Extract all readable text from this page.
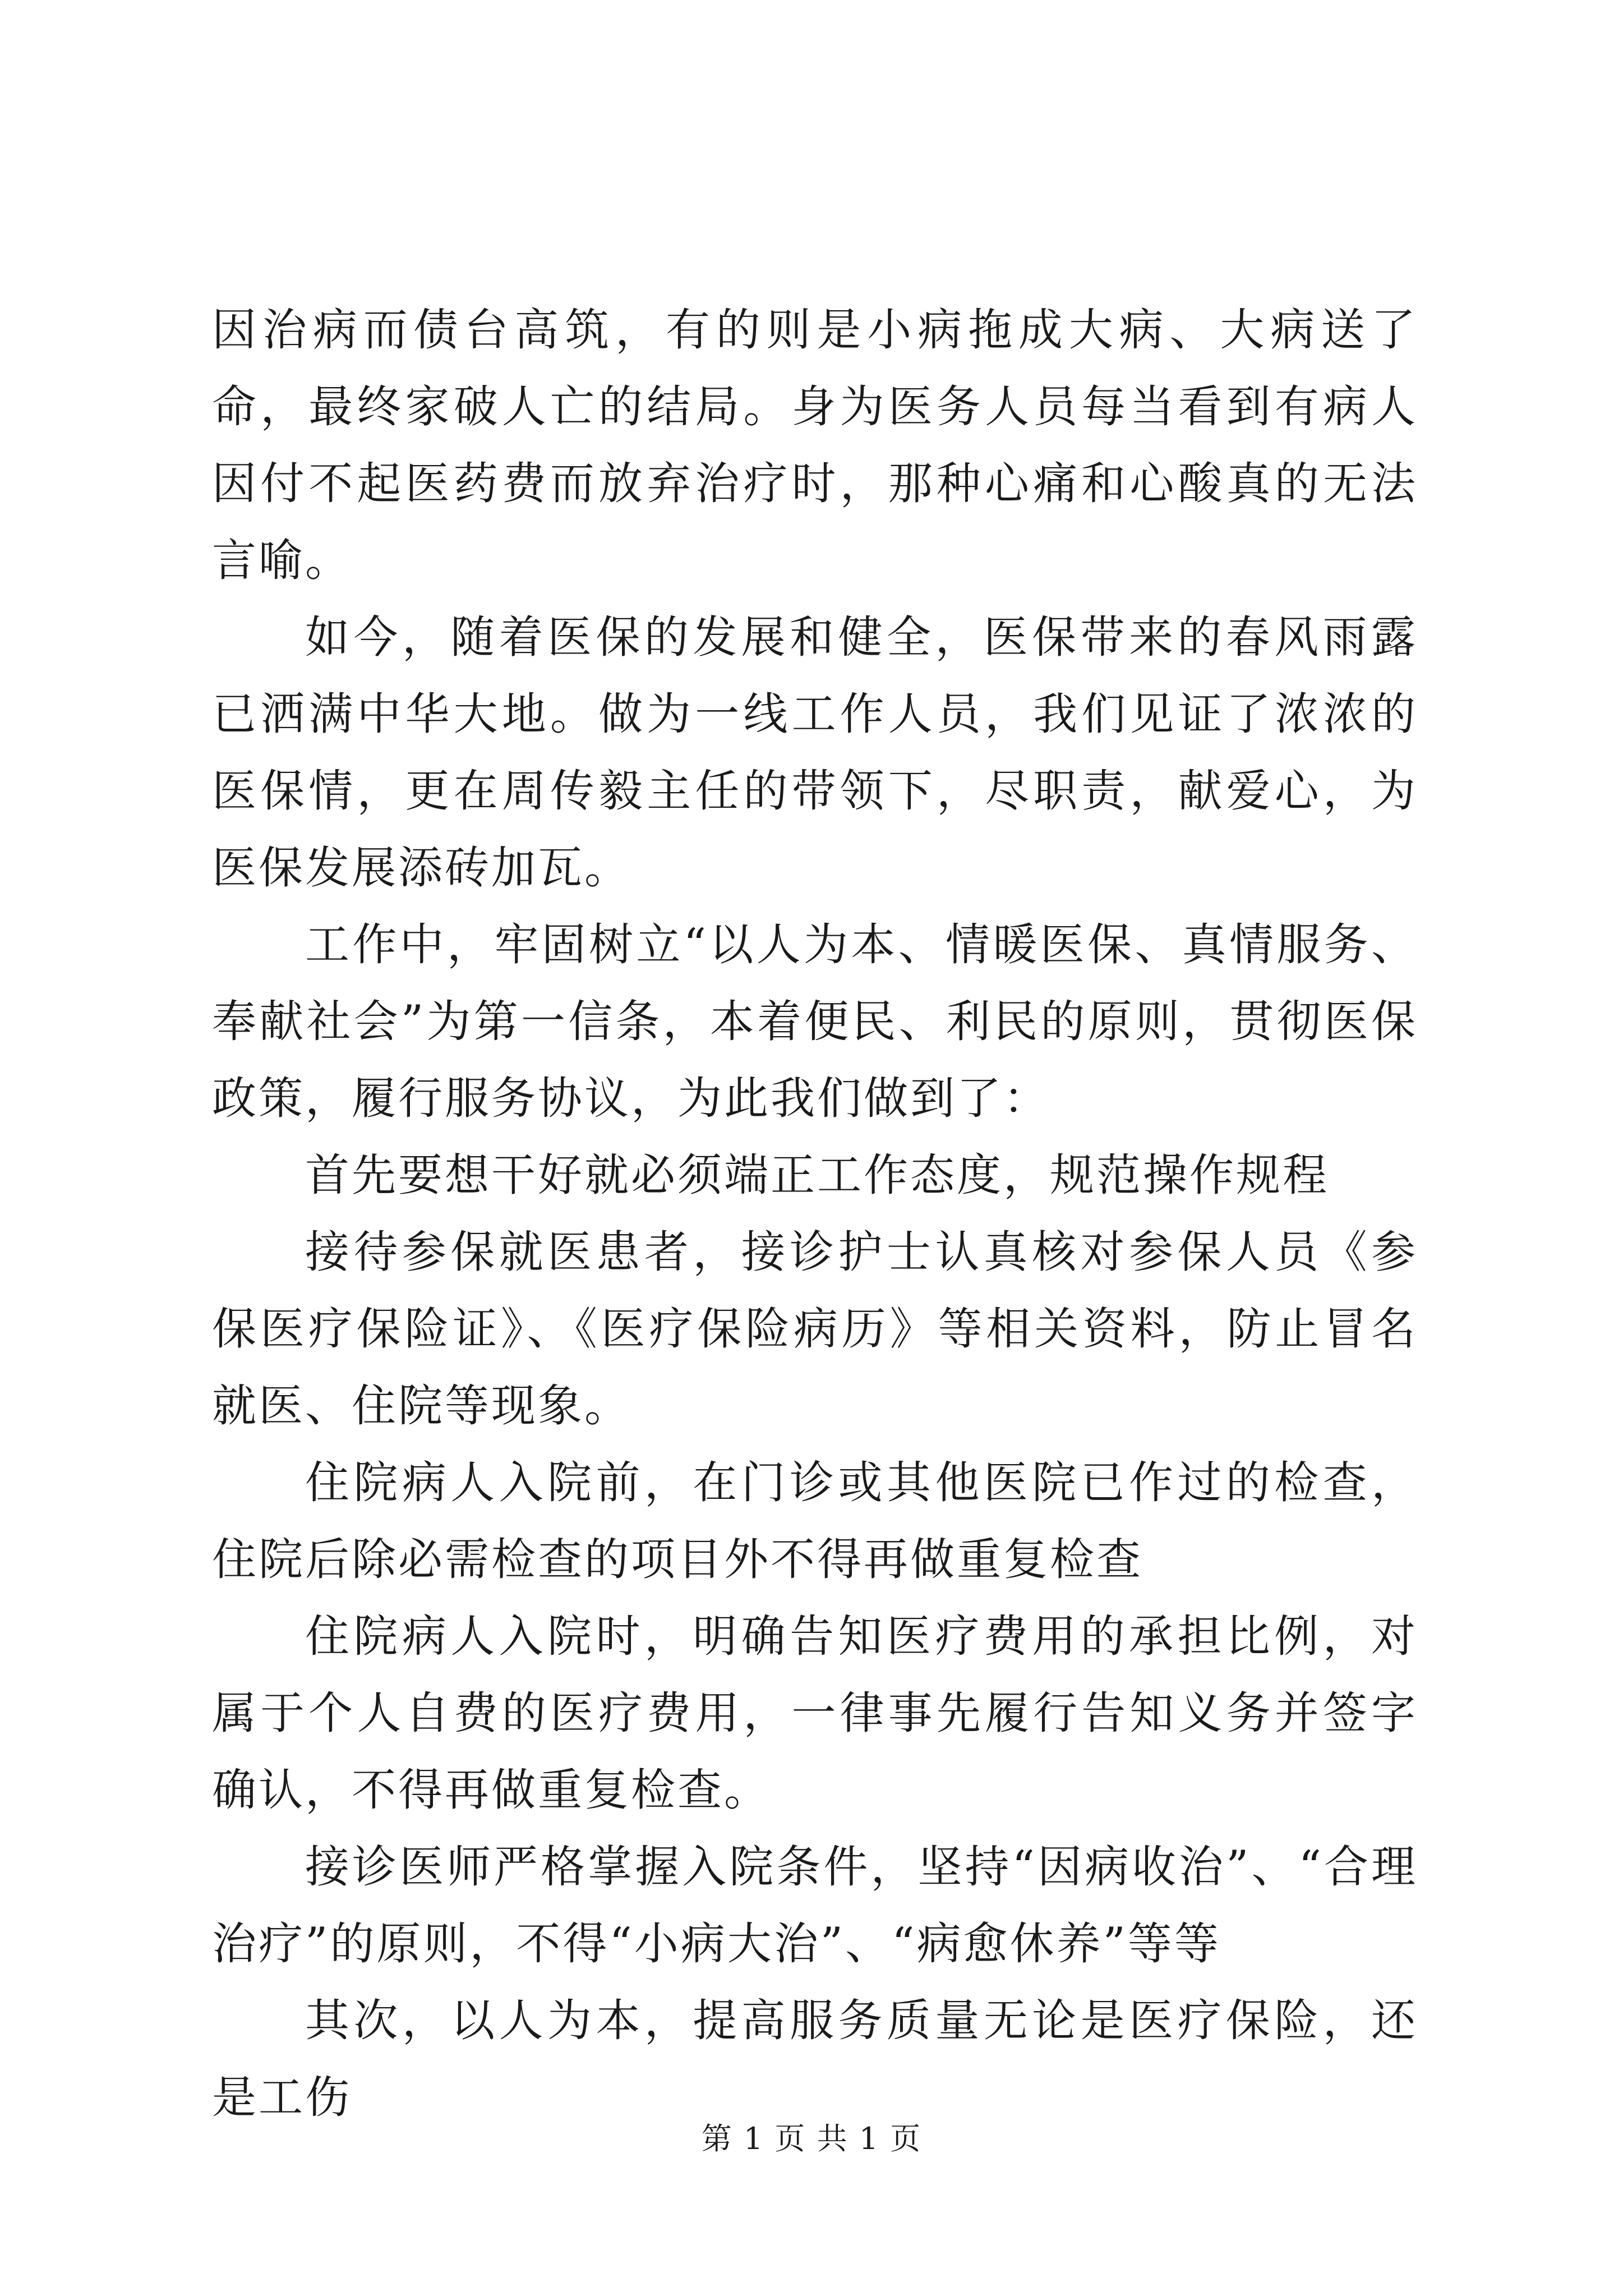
因治病而债台高筑，有的则是小病拖成大病、大病送了命，最终家破人亡的结局。身为医务人员每当看到有病人因付不起医药费而放弃治疗时，那种心痛和心酸真的无法言喻。

如今，随着医保的发展和健全，医保带来的春风雨露已洒满中华大地。做为一线工作人员，我们见证了浓浓的医保情，更在周传毅主任的带领下，尽职责，献爱心，为医保发展添砖加瓦。

工作中，牢固树立“以人为本、情暖医保、真情服务、奉献社会”为第一信条，本着便民、利民的原则，贯彻医保政策，履行服务协议，为此我们做到了：

首先要想干好就必须端正工作态度，规范操作规程

接待参保就医患者，接诊护士认真核对参保人员《参保医疗保险证》、《医疗保险病历》等相关资料，防止冒名就医、住院等现象。

住院病人入院前，在门诊或其他医院已作过的检查，住院后除必需检查的项目外不得再做重复检查

住院病人入院时，明确告知医疗费用的承担比例，对属于个人自费的医疗费用，一律事先履行告知义务并签字确认，不得再做重复检查。

接诊医师严格掌握入院条件，坚持“因病收治”、“合理治疗”的原则，不得“小病大治”、“病愈休养”等等

其次，以人为本，提高服务质量无论是医疗保险，还是工伤

第 1 页 共 1 页
